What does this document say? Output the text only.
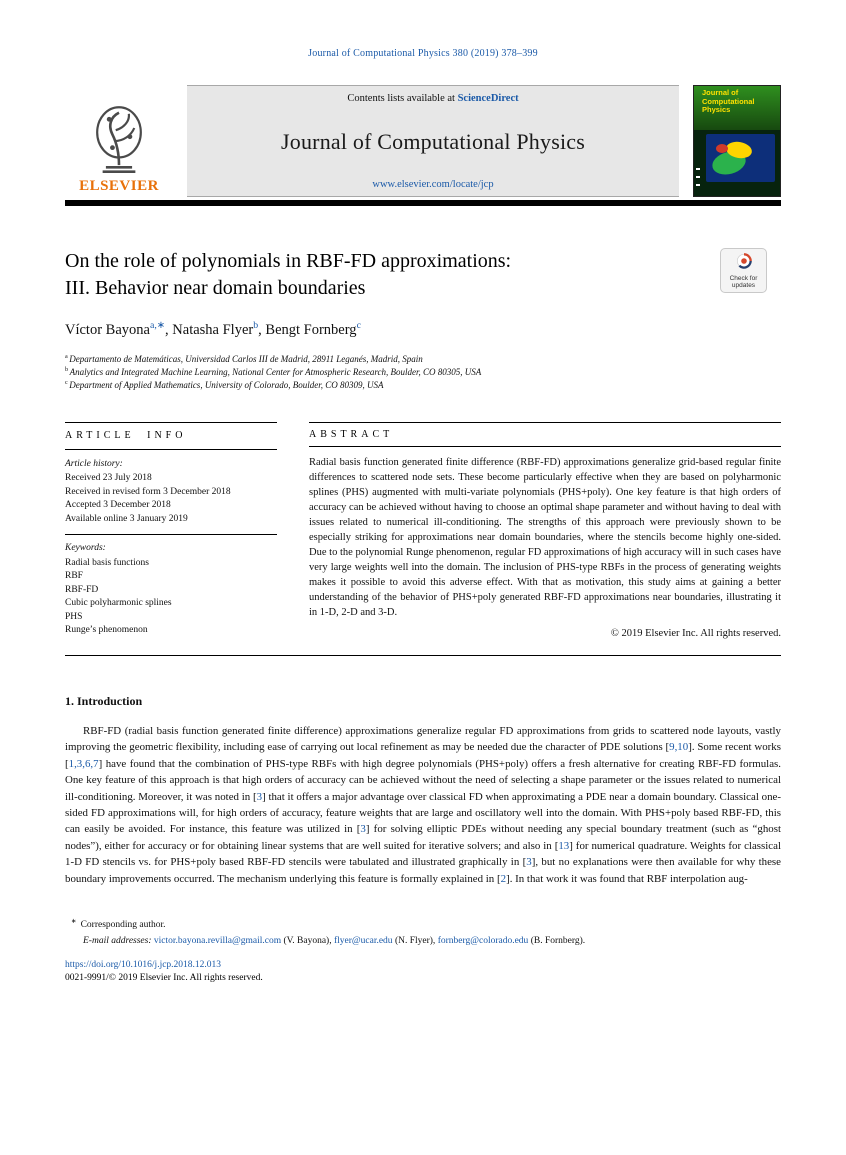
Journal of Computational Physics 380 (2019) 378–399
ELSEVIER
Contents lists available at ScienceDirect
Journal of Computational Physics
www.elsevier.com/locate/jcp
Journal of Computational Physics
On the role of polynomials in RBF-FD approximations:
III. Behavior near domain boundaries	Check for updates
Víctor Bayona$^{a,∗}$, Natasha Flyer$^b$, Bengt Fornberg$^c$
$^a$ Departamento de Matemáticas, Universidad Carlos III de Madrid, 28911 Leganés, Madrid, Spain
$^b$ Analytics and Integrated Machine Learning, National Center for Atmospheric Research, Boulder, CO 80305, USA
$^c$ Department of Applied Mathematics, University of Colorado, Boulder, CO 80309, USA
ARTICLE INFO
Article history:
Received 23 July 2018
Received in revised form 3 December 2018
Accepted 3 December 2018
Available online 3 January 2019
Keywords:
Radial basis functions
RBF
RBF-FD
Cubic polyharmonic splines
PHS
Runge’s phenomenon
ABSTRACT

Radial basis function generated finite difference (RBF-FD) approximations generalize grid-based regular finite differences to scattered node sets. These become particularly effective when they are based on polyharmonic splines (PHS) augmented with multi-variate polynomials (PHS+poly). One key feature is that high orders of accuracy can be achieved without having to choose an optimal shape parameter and without having to deal with issues related to numerical ill-conditioning. The strengths of this approach were previously shown to be especially striking for approximations near domain boundaries, where the stencils become highly one-sided. Due to the polynomial Runge phenomenon, regular FD approximations of high accuracy will in such cases have very large weights well into the domain. The inclusion of PHS-type RBFs in the process of generating weights makes it possible to avoid this adverse effect. With that as motivation, this study aims at gaining a better understanding of the behavior of PHS+poly generated RBF-FD approximations near boundaries, illustrating it in 1-D, 2-D and 3-D.

© 2019 Elsevier Inc. All rights reserved.
1. Introduction

RBF-FD (radial basis function generated finite difference) approximations generalize regular FD approximations from grids to scattered node layouts, vastly improving the geometric flexibility, including ease of carrying out local refinement as may be needed due the character of PDE solutions [9,10]. Some recent works [1,3,6,7] have found that the combination of PHS-type RBFs with high degree polynomials (PHS+poly) offers a fresh alternative for creating RBF-FD formulas. One key feature of this approach is that high orders of accuracy can be achieved without the need of selecting a shape parameter or the issues related to numerical ill-conditioning. Moreover, it was noted in [3] that it offers a major advantage over classical FD when approximating a PDE near a domain boundary. Classical one-sided FD approximations will, for high orders of accuracy, feature weights that are large and oscillatory well into the domain. With PHS+poly based RBF-FD, this can easily be avoided. For instance, this feature was utilized in [3] for solving elliptic PDEs without needing any special boundary treatment (such as “ghost nodes”), either for accuracy or for obtaining linear systems that are well suited for iterative solvers; and also in [13] for numerical quadrature. Weights for classical 1-D FD stencils vs. for PHS+poly based RBF-FD stencils were tabulated and illustrated graphically in [3], but no explanations were then available for why these boundary improvements occurred. The mechanism underlying this feature is formally explained in [2]. In that work it was found that RBF interpolation aug-

∗ Corresponding author.
E-mail addresses: victor.bayona.revilla@gmail.com (V. Bayona), flyer@ucar.edu (N. Flyer), fornberg@colorado.edu (B. Fornberg).
https://doi.org/10.1016/j.jcp.2018.12.013
0021-9991/© 2019 Elsevier Inc. All rights reserved.
